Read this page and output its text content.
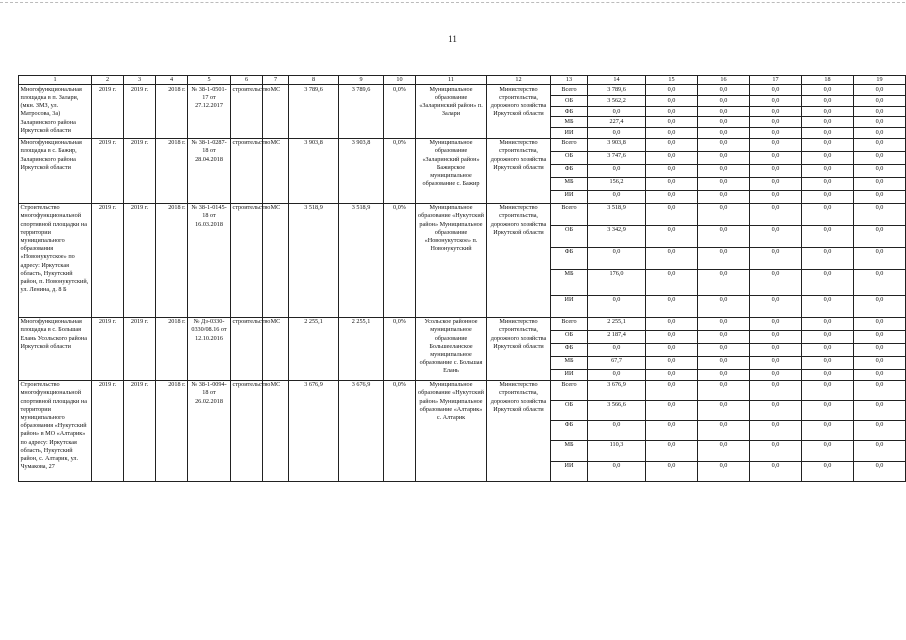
11
1	2	3	4	5	6	7	8	9	10	11	12	13	14	15	16	17	18	19
Многофункциональная площадка в п. Залари, (мкн. ЗМЗ, ул. Матросова, 3а) Заларинского района Иркутской области	2019 г.	2019 г.	2018 г.	№ 38-1-0501-17 от 27.12.2017	строительство	МС	3 789,6	3 789,6	0,0%	Муниципальное образование «Заларинский район» п. Залари	Министерство строительства, дорожного хозяйства Иркутской области	Всего	3 789,6	0,0	0,0	0,0	0,0	0,0
												ОБ	3 562,2	0,0	0,0	0,0	0,0	0,0
												ФБ	0,0	0,0	0,0	0,0	0,0	0,0
												МБ	227,4	0,0	0,0	0,0	0,0	0,0
												ИИ	0,0	0,0	0,0	0,0	0,0	0,0
Многофункциональная площадка в с. Бажир, Заларинского района Иркутской области	2019 г.	2019 г.	2018 г.	№ 38-1-0287-18 от 28.04.2018	строительство	МС	3 903,8	3 903,8	0,0%	Муниципальное образование «Заларинский район» Бажирское муниципальное образование с. Бажир	Министерство строительства, дорожного хозяйства Иркутской области	Всего	3 903,8	0,0	0,0	0,0	0,0	0,0
												ОБ	3 747,6	0,0	0,0	0,0	0,0	0,0
												ФБ	0,0	0,0	0,0	0,0	0,0	0,0
												МБ	156,2	0,0	0,0	0,0	0,0	0,0
												ИИ	0,0	0,0	0,0	0,0	0,0	0,0
Строительство многофункциональной спортивной площадки на территории муниципального образования «Новонукутское» по адресу: Иркутская область, Нукутский район, п. Новонукутский, ул. Ленина, д. 8 Б	2019 г.	2019 г.	2018 г.	№ 38-1-0145-18 от 16.03.2018	строительство	МС	3 518,9	3 518,9	0,0%	Муниципальное образование «Нукутский район» Муниципальное образование «Новонукутское» п. Новонукутский	Министерство строительства, дорожного хозяйства Иркутской области	Всего	3 518,9	0,0	0,0	0,0	0,0	0,0
												ОБ	3 342,9	0,0	0,0	0,0	0,0	0,0
												ФБ	0,0	0,0	0,0	0,0	0,0	0,0
												МБ	176,0	0,0	0,0	0,0	0,0	0,0
												ИИ	0,0	0,0	0,0	0,0	0,0	0,0
Многофункциональная площадка в с. Большая Елань Усольского района Иркутской области	2019 г.	2019 г.	2018 г.	№ Дз-0330-0330/08.16 от 12.10.2016	строительство	МС	2 255,1	2 255,1	0,0%	Усольское районное муниципальное образование Большееланское муниципальное образование с. Большая Елань	Министерство строительства, дорожного хозяйства Иркутской области	Всего	2 255,1	0,0	0,0	0,0	0,0	0,0
												ОБ	2 187,4	0,0	0,0	0,0	0,0	0,0
												ФБ	0,0	0,0	0,0	0,0	0,0	0,0
												МБ	67,7	0,0	0,0	0,0	0,0	0,0
												ИИ	0,0	0,0	0,0	0,0	0,0	0,0
Строительство многофункциональной спортивной площадки на территории муниципального образования «Нукутский район» в МО «Алтарик» по адресу: Иркутская область, Нукутский район, с. Алтарик, ул. Чумакова, 27	2019 г.	2019 г.	2018 г.	№ 38-1-0094-18 от 26.02.2018	строительство	МС	3 676,9	3 676,9	0,0%	Муниципальное образование «Нукутский район» Муниципальное образование «Алтарик» с. Алтарик	Министерство строительства, дорожного хозяйства Иркутской области	Всего	3 676,9	0,0	0,0	0,0	0,0	0,0
												ОБ	3 566,6	0,0	0,0	0,0	0,0	0,0
												ФБ	0,0	0,0	0,0	0,0	0,0	0,0
												МБ	110,3	0,0	0,0	0,0	0,0	0,0
												ИИ	0,0	0,0	0,0	0,0	0,0	0,0
